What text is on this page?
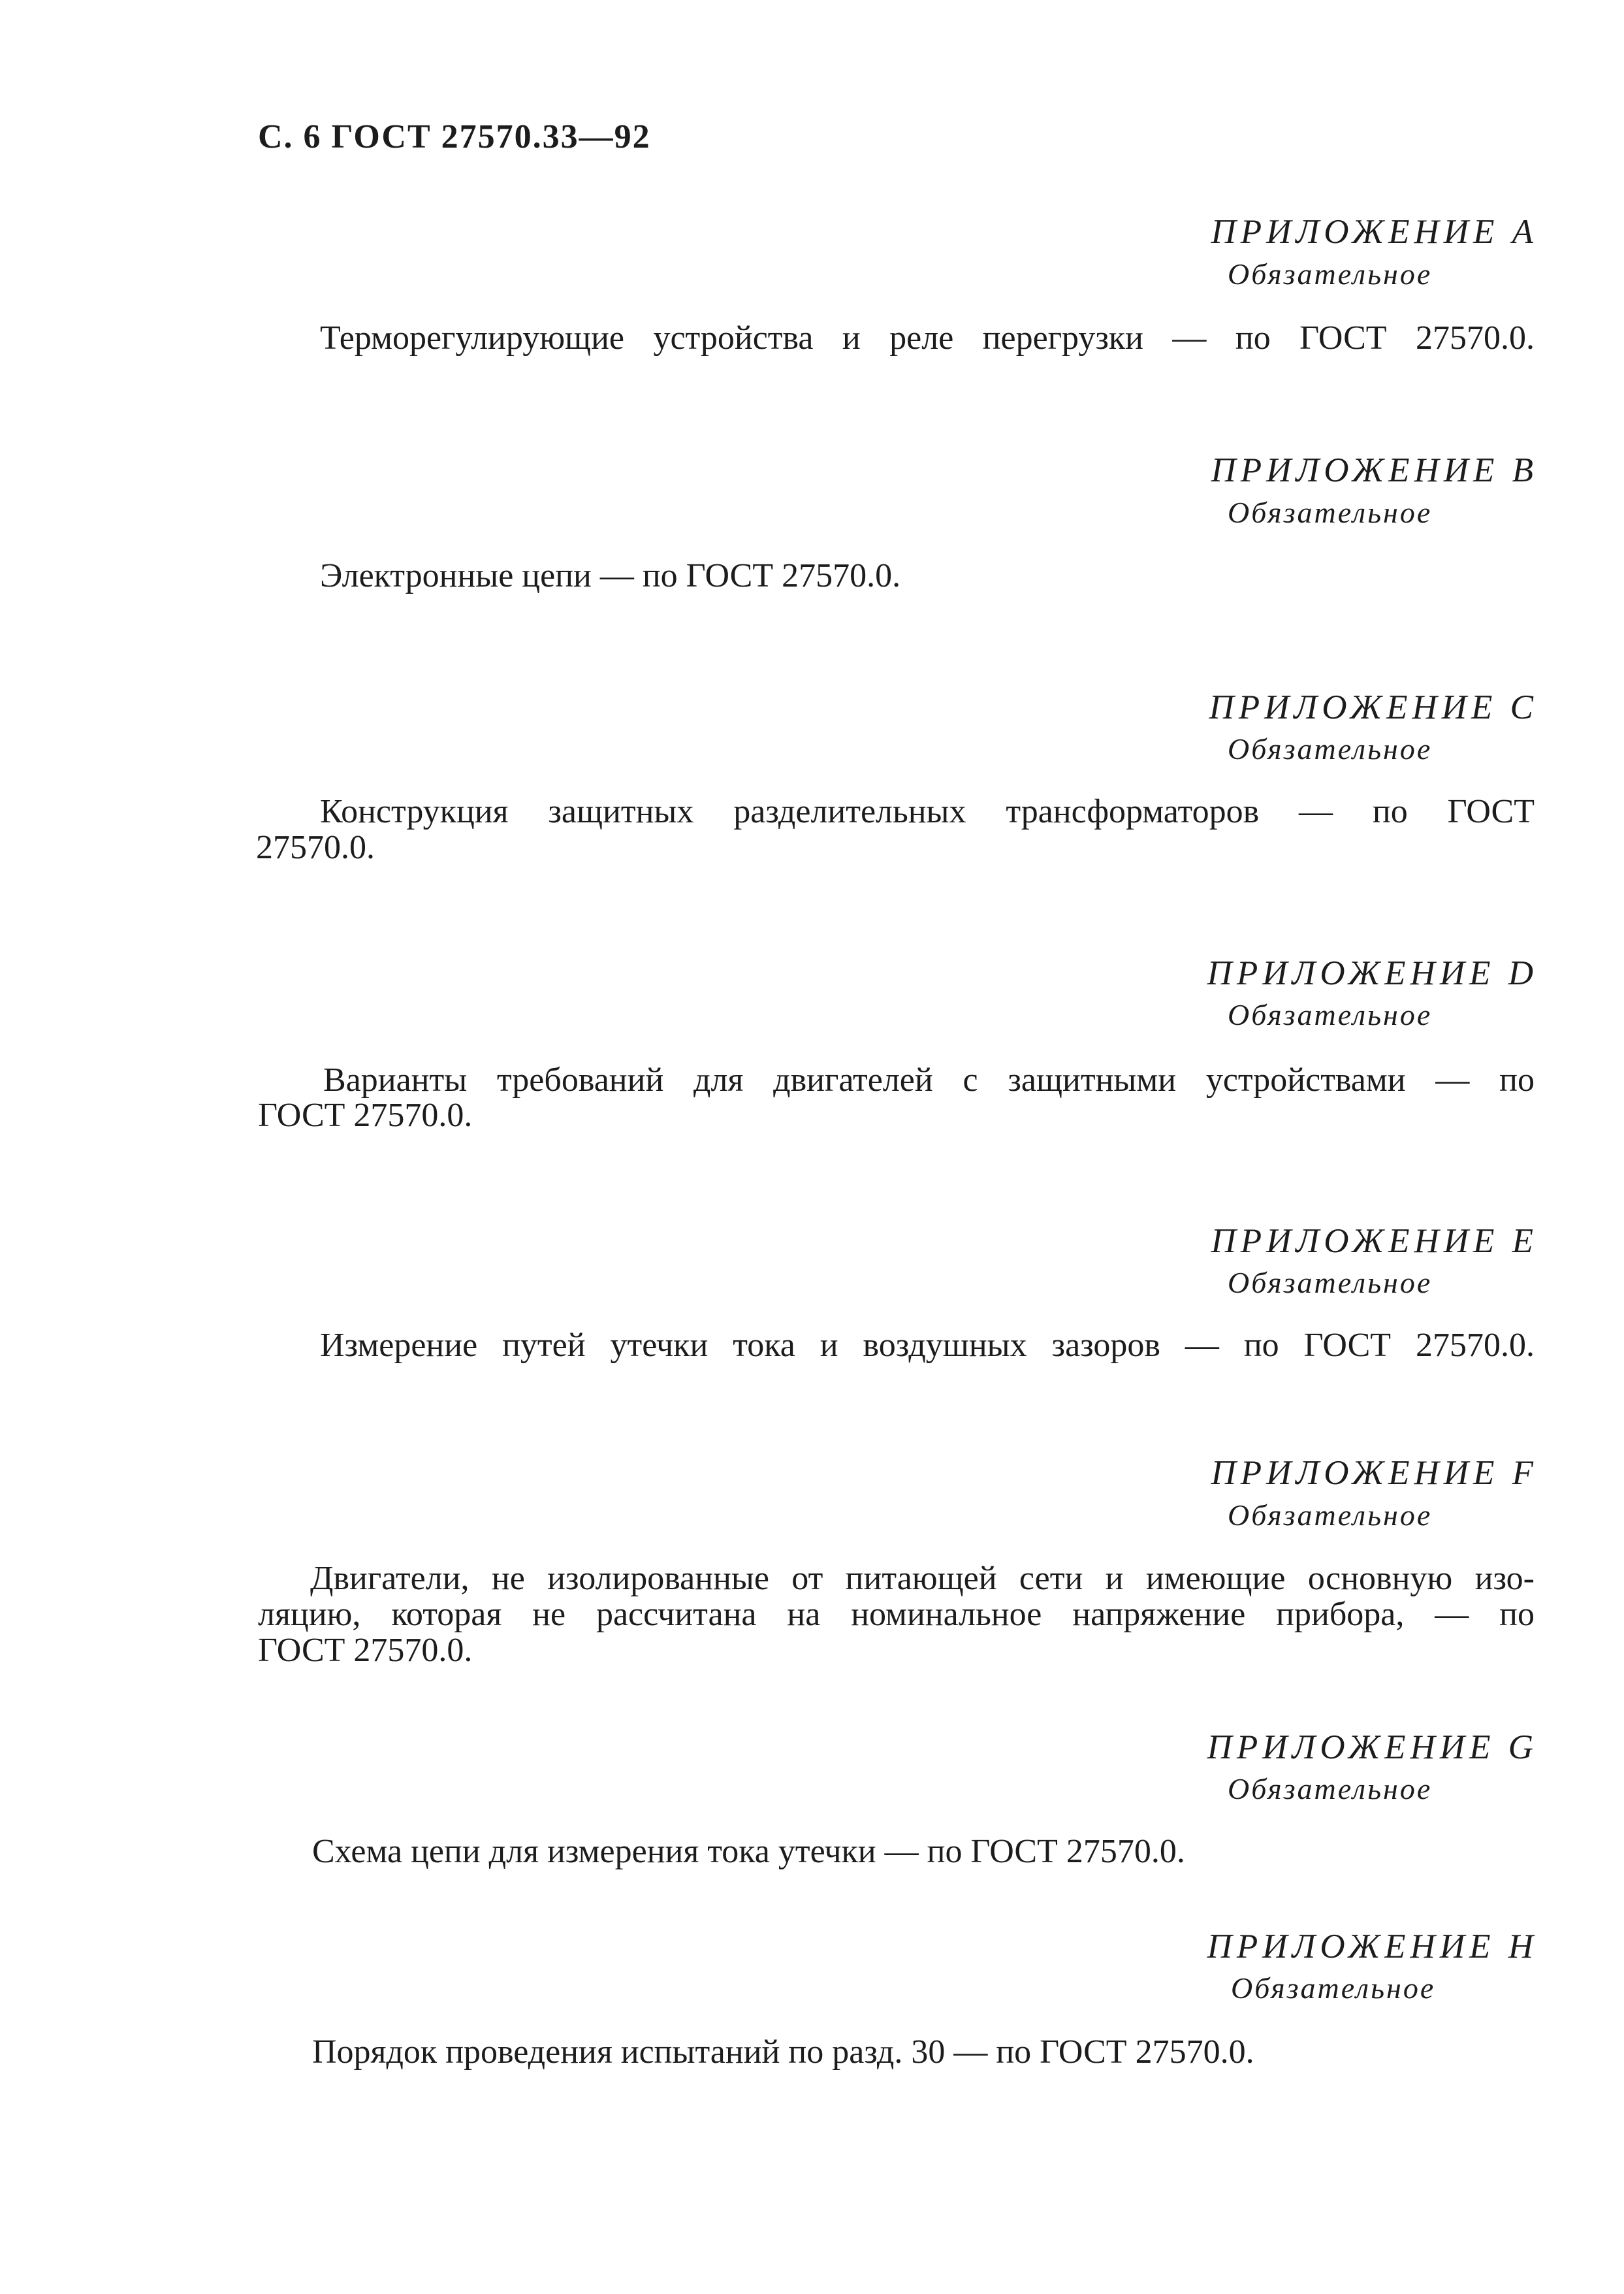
С. 6 ГОСТ 27570.33—92
ПРИЛОЖЕНИЕ A
Обязательное
Терморегулирующие устройства и реле перегрузки — по ГОСТ 27570.0.
ПРИЛОЖЕНИЕ B
Обязательное
Электронные цепи — по ГОСТ 27570.0.
ПРИЛОЖЕНИЕ C
Обязательное
Конструкция защитных разделительных трансформаторов — по ГОСТ
27570.0.
ПРИЛОЖЕНИЕ D
Обязательное
Варианты требований для двигателей с защитными устройствами — по
ГОСТ 27570.0.
ПРИЛОЖЕНИЕ E
Обязательное
Измерение путей утечки тока и воздушных зазоров — по ГОСТ 27570.0.
ПРИЛОЖЕНИЕ F
Обязательное
Двигатели, не изолированные от питающей сети и имеющие основную изо-
ляцию, которая не рассчитана на номинальное напряжение прибора, — по
ГОСТ 27570.0.
ПРИЛОЖЕНИЕ G
Обязательное
Схема цепи для измерения тока утечки — по ГОСТ 27570.0.
ПРИЛОЖЕНИЕ H
Обязательное
Порядок проведения испытаний по разд. 30 — по ГОСТ 27570.0.
